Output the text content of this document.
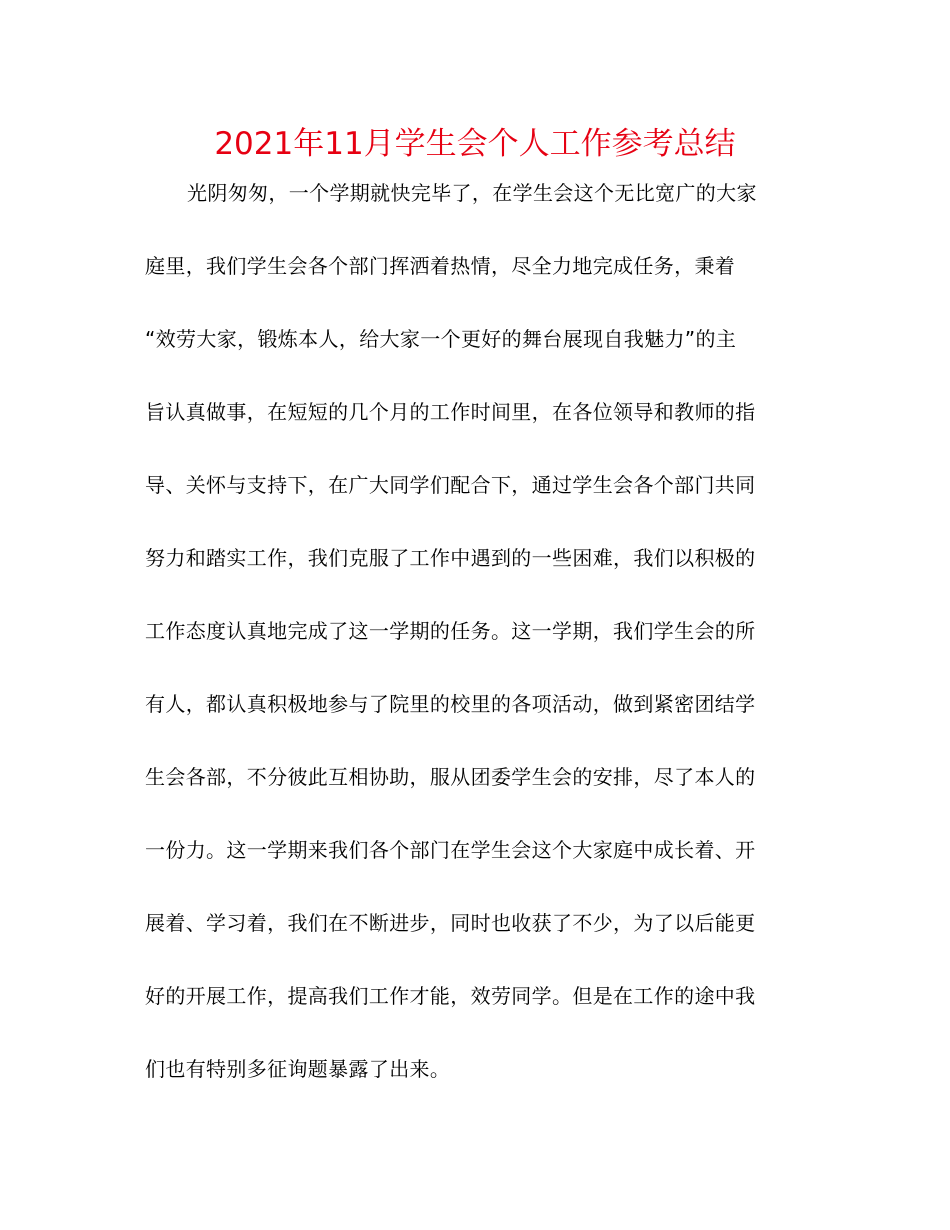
2021年11月学生会个人工作参考总结
光阴匆匆，一个学期就快完毕了，在学生会这个无比宽广的大家
庭里，我们学生会各个部门挥洒着热情，尽全力地完成任务，秉着
“效劳大家，锻炼本人，给大家一个更好的舞台展现自我魅力”的主
旨认真做事，在短短的几个月的工作时间里，在各位领导和教师的指
导、关怀与支持下，在广大同学们配合下，通过学生会各个部门共同
努力和踏实工作，我们克服了工作中遇到的一些困难，我们以积极的
工作态度认真地完成了这一学期的任务。这一学期，我们学生会的所
有人，都认真积极地参与了院里的校里的各项活动，做到紧密团结学
生会各部，不分彼此互相协助，服从团委学生会的安排，尽了本人的
一份力。这一学期来我们各个部门在学生会这个大家庭中成长着、开
展着、学习着，我们在不断进步，同时也收获了不少，为了以后能更
好的开展工作，提高我们工作才能，效劳同学。但是在工作的途中我
们也有特别多征询题暴露了出来。
